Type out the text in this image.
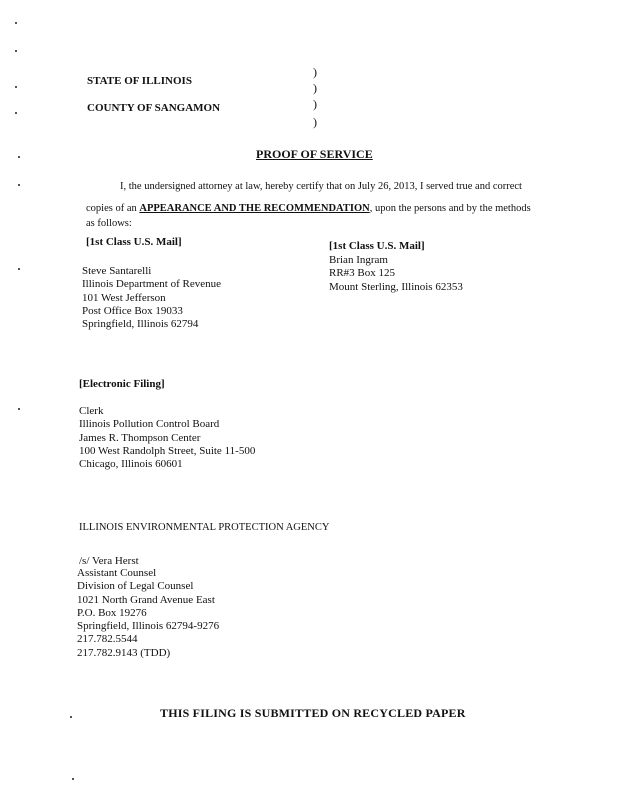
STATE OF ILLINOIS
COUNTY OF SANGAMON
)
)
)
)
PROOF OF SERVICE
I, the undersigned attorney at law, hereby certify that on July 26, 2013, I served true and correct
copies of an APPEARANCE AND THE RECOMMENDATION, upon the persons and by the methods
as follows:
[1st Class U.S. Mail]
Steve Santarelli
Illinois Department of Revenue
101 West Jefferson
Post Office Box 19033
Springfield, Illinois 62794
[1st Class U.S. Mail]
Brian Ingram
RR#3 Box 125
Mount Sterling, Illinois 62353
[Electronic Filing]
Clerk
Illinois Pollution Control Board
James R. Thompson Center
100 West Randolph Street, Suite 11-500
Chicago, Illinois 60601
ILLINOIS ENVIRONMENTAL PROTECTION AGENCY
/s/ Vera Herst
Assistant Counsel
Division of Legal Counsel
1021 North Grand Avenue East
P.O. Box 19276
Springfield, Illinois 62794-9276
217.782.5544
217.782.9143 (TDD)
THIS FILING IS SUBMITTED ON RECYCLED PAPER
